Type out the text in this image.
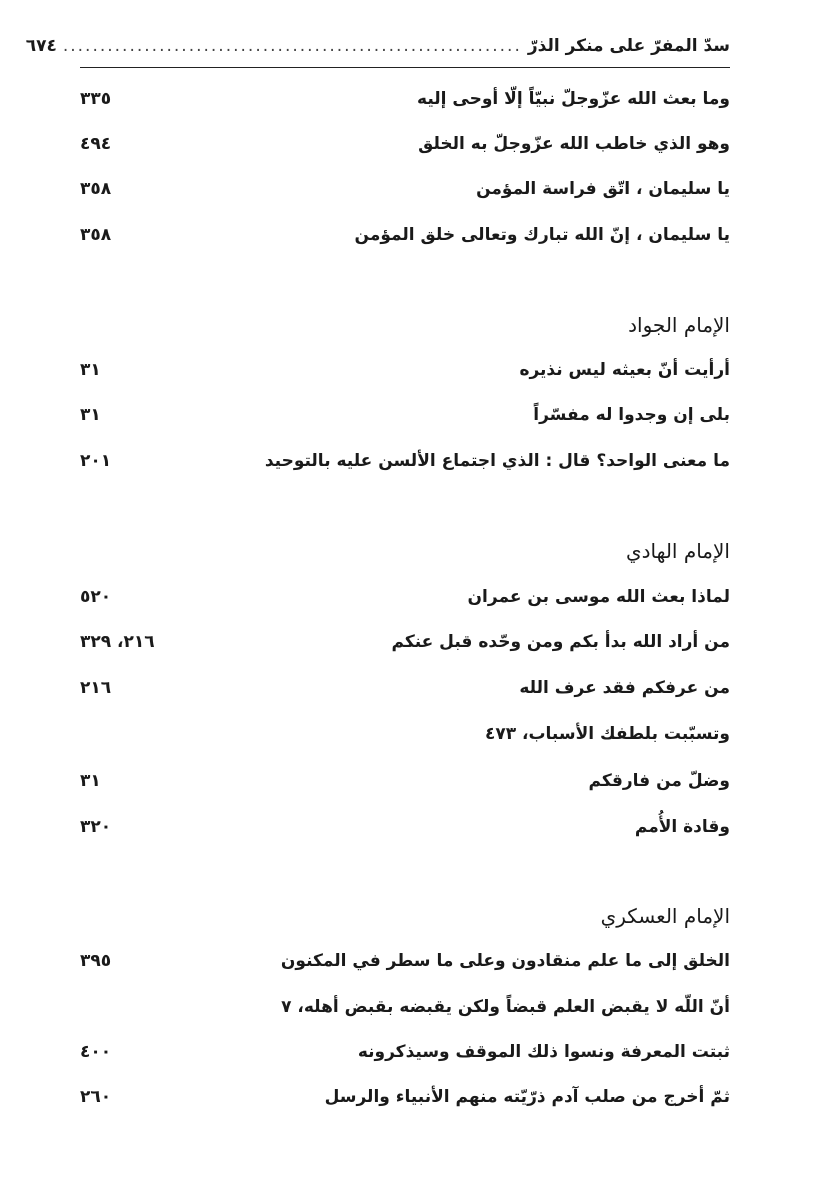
سدّ المفرّ على منكر الذرّ
..............................................................
٦٧٤
٣٣٥	وما بعث الله عزّوجلّ نبيّاً إلّا أوحى إليه
٤٩٤	وهو الذي خاطب الله عزّوجلّ به الخلق
٣٥٨	يا سليمان ، اتّق فراسة المؤمن
٣٥٨	يا سليمان ، إنّ الله تبارك وتعالى خلق المؤمن
الإمام الجواد
٣١	أرأيت أنّ بعيثه ليس نذيره
٣١	بلى إن وجدوا له مفسّراً
٢٠١	ما معنى الواحد؟ قال : الذي اجتماع الألسن عليه بالتوحيد
الإمام الهادي
٥٢٠	لماذا بعث الله موسى بن عمران
٢١٦، ٣٢٩	من أراد الله بدأ بكم ومن وحّده قبل عنكم
٢١٦	من عرفكم فقد عرف الله
وتسبّبت بلطفك الأسباب، ٤٧٣
٣١	وضلّ من فارقكم
٣٢٠	وقادة الأُمم
الإمام العسكري
٣٩٥	الخلق إلى ما علم منقادون وعلى ما سطر في المكنون
أنّ اللّه لا يقبض العلم قبضاً ولكن يقبضه بقبض أهله، ٧
٤٠٠	ثبتت المعرفة ونسوا ذلك الموقف وسيذكرونه
٢٦٠	ثمّ أخرج من صلب آدم ذرّيّته منهم الأنبياء والرسل
